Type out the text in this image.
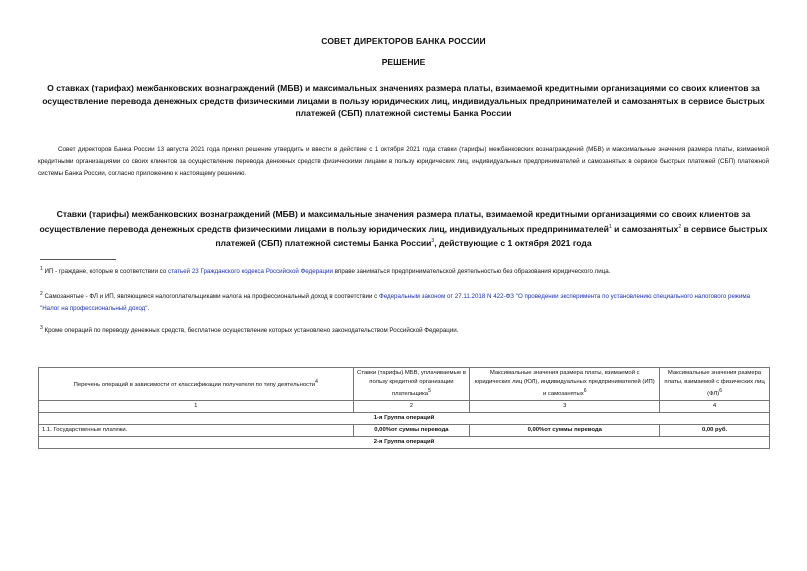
СОВЕТ ДИРЕКТОРОВ БАНКА РОССИИ
РЕШЕНИЕ
О ставках (тарифах) межбанковских вознаграждений (МБВ) и максимальных значениях размера платы, взимаемой кредитными организациями со своих клиентов за осуществление перевода денежных средств физическими лицами в пользу юридических лиц, индивидуальных предпринимателей и самозанятых в сервисе быстрых платежей (СБП) платежной системы Банка России
Совет директоров Банка России 13 августа 2021 года принял решение утвердить и ввести в действие с 1 октября 2021 года ставки (тарифы) межбанковских вознаграждений (МБВ) и максимальные значения размера платы, взимаемой кредитными организациями со своих клиентов за осуществление перевода денежных средств физическими лицами в пользу юридических лиц, индивидуальных предпринимателей и самозанятых в сервисе быстрых платежей (СБП) платежной системы Банка России, согласно приложению к настоящему решению.
Ставки (тарифы) межбанковских вознаграждений (МБВ) и максимальные значения размера платы, взимаемой кредитными организациями со своих клиентов за осуществление перевода денежных средств физическими лицами в пользу юридических лиц, индивидуальных предпринимателей$^1$ и самозанятых$^2$ в сервисе быстрых платежей (СБП) платежной системы Банка России$^3$, действующие с 1 октября 2021 года
$^1$ ИП - граждане, которые в соответствии со статьей 23 Гражданского кодекса Российской Федерации вправе заниматься предпринимательской деятельностью без образования юридического лица.
$^2$ Самозанятые - ФЛ и ИП, являющиеся налогоплательщиками налога на профессиональный доход в соответствии с Федеральным законом от 27.11.2018 N 422-ФЗ "О проведении эксперимента по установлению специального налогового режима "Налог на профессиональный доход".
$^3$ Кроме операций по переводу денежных средств, бесплатное осуществление которых установлено законодательством Российской Федерации.
Перечень операций в зависимости от классификации получателя по типу деятельности$^4$	Ставки (тарифы) МБВ, уплачиваемые в пользу кредитной организации плательщика$^5$	Максимальные значения размера платы, взимаемой с юридических лиц (ЮЛ), индивидуальных предпринимателей (ИП) и самозанятых$^6$	Максимальные значения размера платы, взимаемой с физических лиц (ФЛ)$^6$
1	2	3	4
1-я Группа операций			
1.1. Государственные платежи.	0,00%от суммы перевода	0,00%от суммы перевода	0,00 руб.
2-я Группа операций			
